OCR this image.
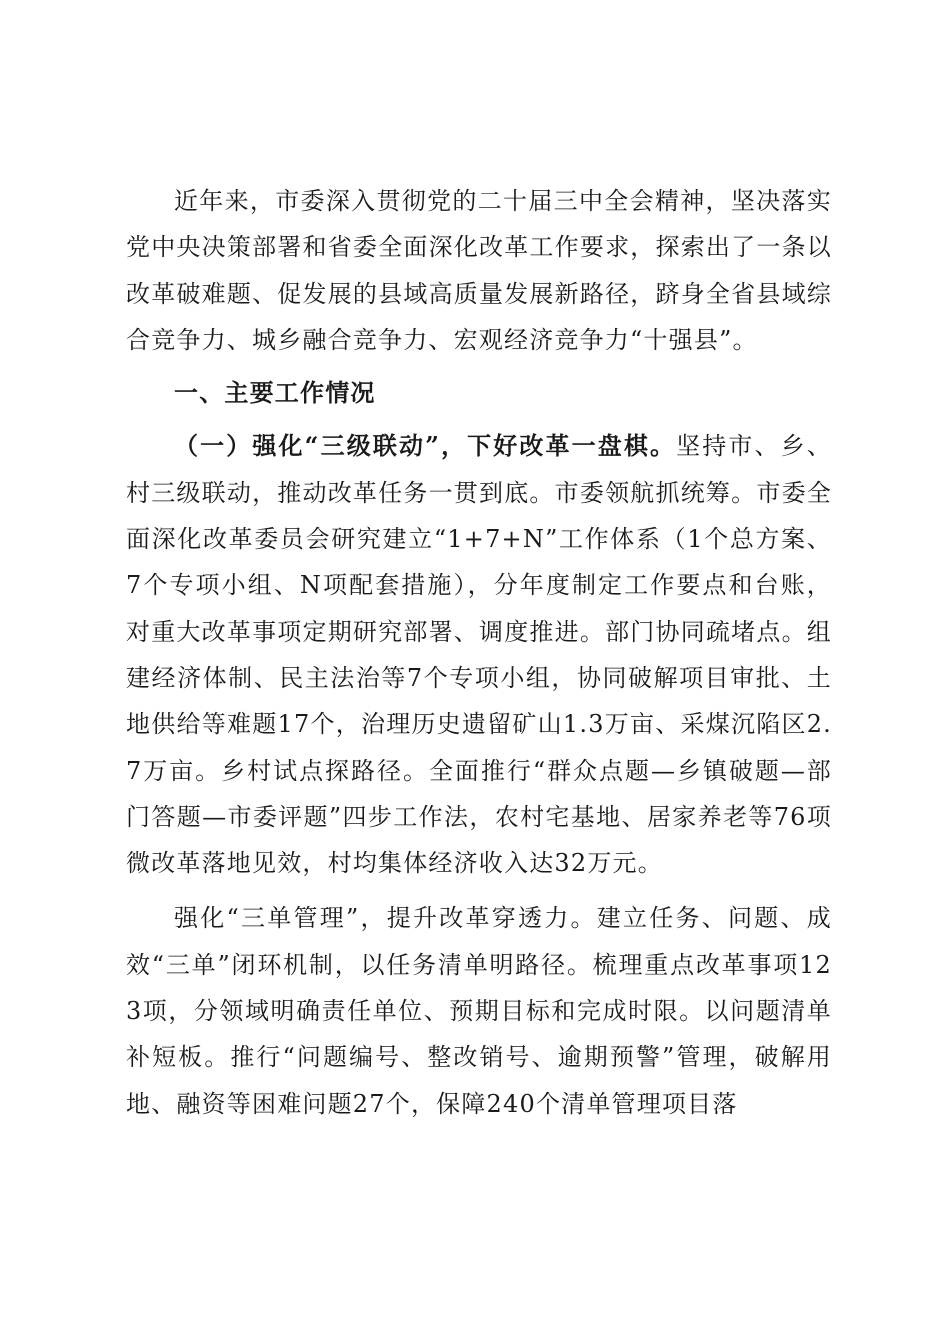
近年来，市委深入贯彻党的二十届三中全会精神，坚决落实党中央决策部署和省委全面深化改革工作要求，探索出了一条以改革破难题、促发展的县域高质量发展新路径，跻身全省县域综合竞争力、城乡融合竞争力、宏观经济竞争力“十强县”。

一、主要工作情况

（一）强化“三级联动”，下好改革一盘棋。坚持市、乡、村三级联动，推动改革任务一贯到底。市委领航抓统筹。市委全面深化改革委员会研究建立“1+7+N”工作体系（1个总方案、7个专项小组、N项配套措施），分年度制定工作要点和台账，对重大改革事项定期研究部署、调度推进。部门协同疏堵点。组建经济体制、民主法治等7个专项小组，协同破解项目审批、土地供给等难题17个，治理历史遗留矿山1.3万亩、采煤沉陷区2.7万亩。乡村试点探路径。全面推行“群众点题—乡镇破题—部门答题—市委评题”四步工作法，农村宅基地、居家养老等76项微改革落地见效，村均集体经济收入达32万元。

强化“三单管理”，提升改革穿透力。建立任务、问题、成效“三单”闭环机制，以任务清单明路径。梳理重点改革事项123项，分领域明确责任单位、预期目标和完成时限。以问题清单补短板。推行“问题编号、整改销号、逾期预警”管理，破解用地、融资等困难问题27个，保障240个清单管理项目落
